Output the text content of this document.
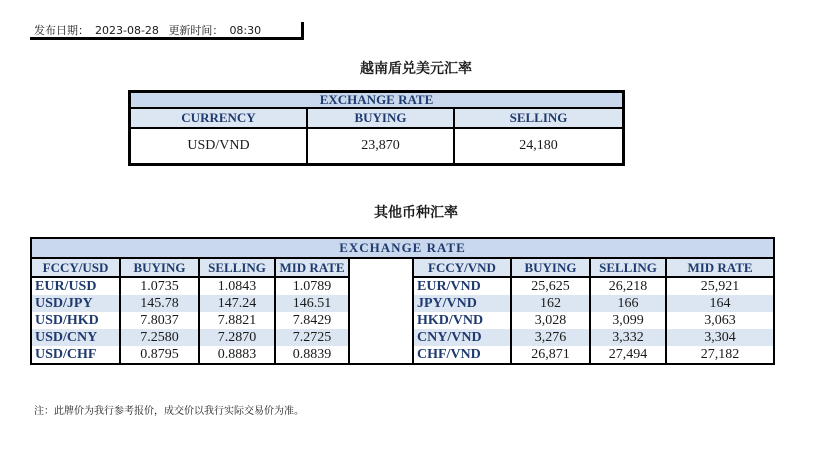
发布日期： 2023-08-28 更新时间： 08:30
越南盾兑美元汇率
EXCHANGE RATE		
CURRENCY	BUYING	SELLING
USD/VND	23,870	24,180
其他币种汇率
EXCHANGE RATE								
FCCY/USD	BUYING	SELLING	MID RATE		FCCY/VND	BUYING	SELLING	MID RATE
EUR/USD	1.0735	1.0843	1.0789		EUR/VND	25,625	26,218	25,921
USD/JPY	145.78	147.24	146.51		JPY/VND	162	166	164
USD/HKD	7.8037	7.8821	7.8429		HKD/VND	3,028	3,099	3,063
USD/CNY	7.2580	7.2870	7.2725		CNY/VND	3,276	3,332	3,304
USD/CHF	0.8795	0.8883	0.8839		CHF/VND	26,871	27,494	27,182
注：此牌价为我行参考报价，成交价以我行实际交易价为准。
